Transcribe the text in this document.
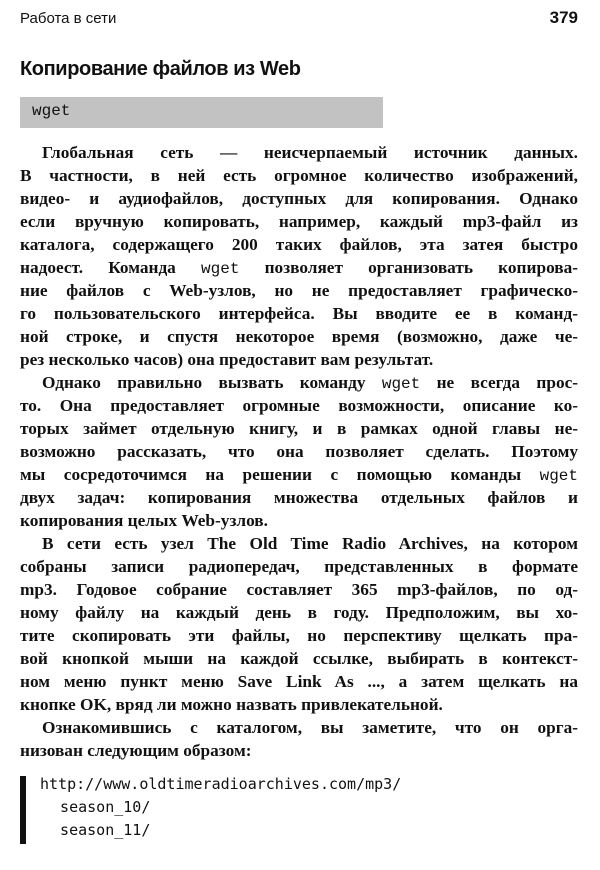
Работа в сети	379
Копирование файлов из Web
wget
Глобальная сеть — неисчерпаемый источник данных.
В частности, в ней есть огромное количество изображений,
видео- и аудиофайлов, доступных для копирования. Однако
если вручную копировать, например, каждый mp3-файл из
каталога, содержащего 200 таких файлов, эта затея быстро
надоест. Команда wget позволяет организовать копирова-
ние файлов с Web-узлов, но не предоставляет графическо-
го пользовательского интерфейса. Вы вводите ее в команд-
ной строке, и спустя некоторое время (возможно, даже че-
рез несколько часов) она предоставит вам результат.
Однако правильно вызвать команду wget не всегда прос-
то. Она предоставляет огромные возможности, описание ко-
торых займет отдельную книгу, и в рамках одной главы не-
возможно рассказать, что она позволяет сделать. Поэтому
мы сосредоточимся на решении с помощью команды wget
двух задач: копирования множества отдельных файлов и
копирования целых Web-узлов.
В сети есть узел The Old Time Radio Archives, на котором
собраны записи радиопередач, представленных в формате
mp3. Годовое собрание составляет 365 mp3-файлов, по од-
ному файлу на каждый день в году. Предположим, вы хо-
тите скопировать эти файлы, но перспективу щелкать пра-
вой кнопкой мыши на каждой ссылке, выбирать в контекст-
ном меню пункт меню Save Link As ..., а затем щелкать на
кнопке OK, вряд ли можно назвать привлекательной.
Ознакомившись с каталогом, вы заметите, что он орга-
низован следующим образом:
http://www.oldtimeradioarchives.com/mp3/
season_10/
season_11/
